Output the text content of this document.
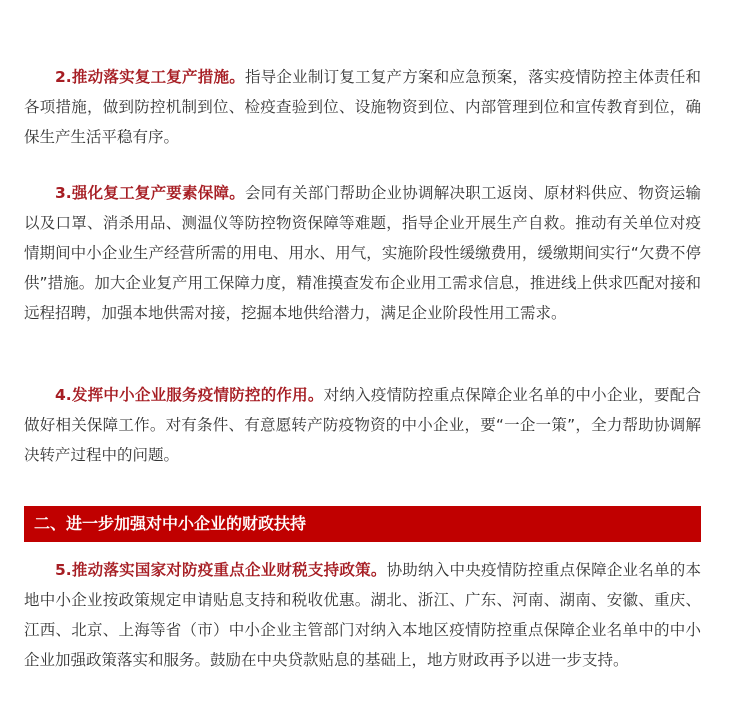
2.推动落实复工复产措施。指导企业制订复工复产方案和应急预案，落实疫情防控主体责任和各项措施，做到防控机制到位、检疫查验到位、设施物资到位、内部管理到位和宣传教育到位，确保生产生活平稳有序。

3.强化复工复产要素保障。会同有关部门帮助企业协调解决职工返岗、原材料供应、物资运输以及口罩、消杀用品、测温仪等防控物资保障等难题，指导企业开展生产自救。推动有关单位对疫情期间中小企业生产经营所需的用电、用水、用气，实施阶段性缓缴费用，缓缴期间实行“欠费不停供”措施。加大企业复产用工保障力度，精准摸查发布企业用工需求信息，推进线上供求匹配对接和远程招聘，加强本地供需对接，挖掘本地供给潜力，满足企业阶段性用工需求。

4.发挥中小企业服务疫情防控的作用。对纳入疫情防控重点保障企业名单的中小企业，要配合做好相关保障工作。对有条件、有意愿转产防疫物资的中小企业，要“一企一策”，全力帮助协调解决转产过程中的问题。

二、进一步加强对中小企业的财政扶持

5.推动落实国家对防疫重点企业财税支持政策。协助纳入中央疫情防控重点保障企业名单的本地中小企业按政策规定申请贴息支持和税收优惠。湖北、浙江、广东、河南、湖南、安徽、重庆、江西、北京、上海等省（市）中小企业主管部门对纳入本地区疫情防控重点保障企业名单中的中小企业加强政策落实和服务。鼓励在中央贷款贴息的基础上，地方财政再予以进一步支持。
